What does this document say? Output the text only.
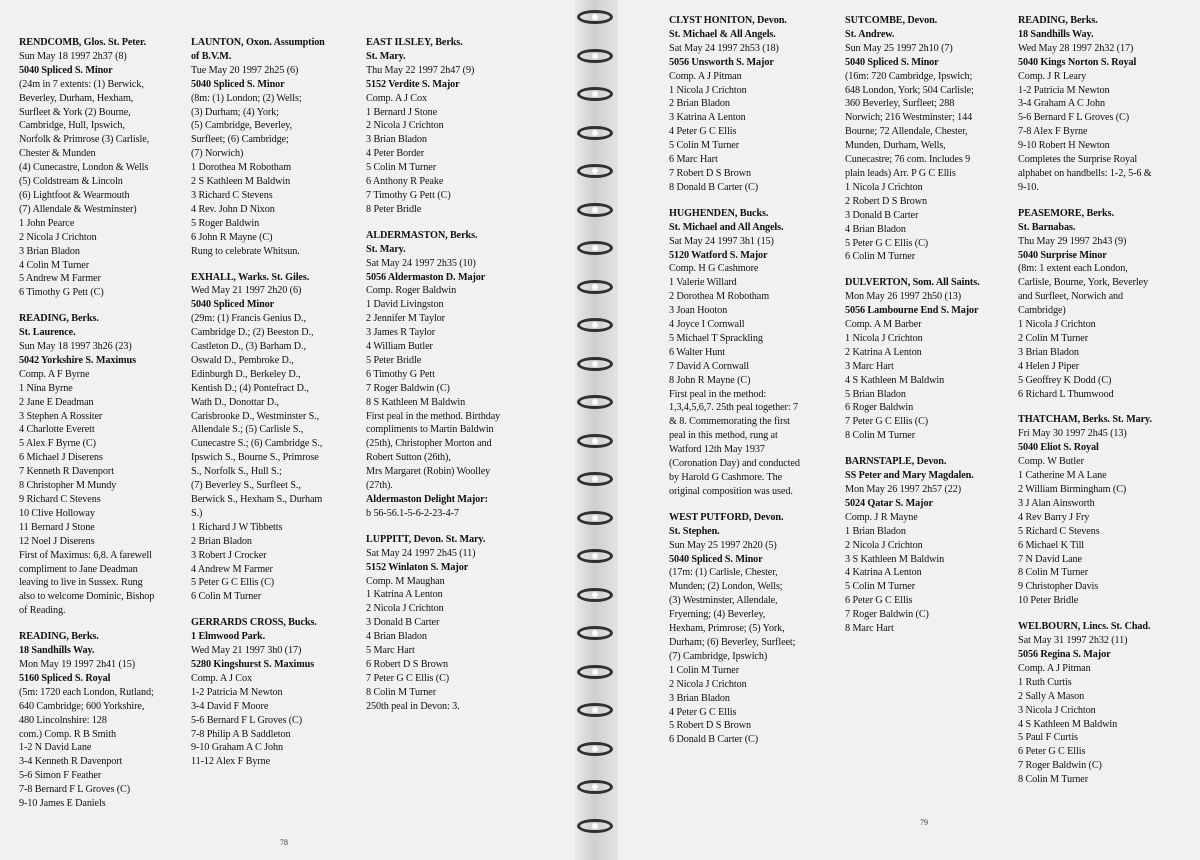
RENDCOMB, Glos. St. Peter.
Sun May 18 1997 2h37 (8)
5040 Spliced S. Minor
(24m in 7 extents: (1) Berwick,
Beverley, Durham, Hexham,
Surfleet & York (2) Bourne,
Cambridge, Hull, Ipswich,
Norfolk & Primrose (3) Carlisle,
Chester & Munden
(4) Cunecastre, London & Wells
(5) Coldstream & Lincoln
(6) Lightfoot & Wearmouth
(7) Allendale & Westminster)
1 John Pearce
2 Nicola J Crichton
3 Brian Bladon
4 Colin M Turner
5 Andrew M Farmer
6 Timothy G Pett (C)
READING, Berks.
St. Laurence.
Sun May 18 1997 3h26 (23)
5042 Yorkshire S. Maximus
Comp. A F Byrne
1 Nina Byrne
2 Jane E Deadman
3 Stephen A Rossiter
4 Charlotte Everett
5 Alex F Byrne (C)
6 Michael J Diserens
7 Kenneth R Davenport
8 Christopher M Mundy
9 Richard C Stevens
10 Clive Holloway
11 Bernard J Stone
12 Noel J Diserens
First of Maximus: 6,8. A farewell
compliment to Jane Deadman
leaving to live in Sussex. Rung
also to welcome Dominic, Bishop
of Reading.
READING, Berks.
18 Sandhills Way.
Mon May 19 1997 2h41 (15)
5160 Spliced S. Royal
(5m: 1720 each London, Rutland;
640 Cambridge; 600 Yorkshire,
480 Lincolnshire: 128
com.) Comp. R B Smith
1-2 N David Lane
3-4 Kenneth R Davenport
5-6 Simon F Feather
7-8 Bernard F L Groves (C)
9-10 James E Daniels
LAUNTON, Oxon. Assumption
of B.V.M.
Tue May 20 1997 2h25 (6)
5040 Spliced S. Minor
(8m: (1) London; (2) Wells;
(3) Durham; (4) York;
(5) Cambridge, Beverley,
Surfleet; (6) Cambridge;
(7) Norwich)
1 Dorothea M Robotham
2 S Kathleen M Baldwin
3 Richard C Stevens
4 Rev. John D Nixon
5 Roger Baldwin
6 John R Mayne (C)
Rung to celebrate Whitsun.
EXHALL, Warks. St. Giles.
Wed May 21 1997 2h20 (6)
5040 Spliced Minor
(29m: (1) Francis Genius D.,
Cambridge D.; (2) Beeston D.,
Castleton D., (3) Barham D.,
Oswald D., Pembroke D.,
Edinburgh D., Berkeley D.,
Kentish D.; (4) Pontefract D.,
Wath D., Donottar D.,
Carisbrooke D., Westminster S.,
Allendale S.; (5) Carlisle S.,
Cunecastre S.; (6) Cambridge S.,
Ipswich S., Bourne S., Primrose
S., Norfolk S., Hull S.;
(7) Beverley S., Surfleet S.,
Berwick S., Hexham S., Durham
S.)
1 Richard J W Tibbetts
2 Brian Bladon
3 Robert J Crocker
4 Andrew M Farmer
5 Peter G C Ellis (C)
6 Colin M Turner
GERRARDS CROSS, Bucks.
1 Elmwood Park.
Wed May 21 1997 3h0 (17)
5280 Kingshurst S. Maximus
Comp. A J Cox
1-2 Patricia M Newton
3-4 David F Moore
5-6 Bernard F L Groves (C)
7-8 Philip A B Saddleton
9-10 Graham A C John
11-12 Alex F Byrne
EAST ILSLEY, Berks.
St. Mary.
Thu May 22 1997 2h47 (9)
5152 Verdite S. Major
Comp. A J Cox
1 Bernard J Stone
2 Nicola J Crichton
3 Brian Bladon
4 Peter Border
5 Colin M Turner
6 Anthony R Peake
7 Timothy G Pett (C)
8 Peter Bridle
ALDERMASTON, Berks.
St. Mary.
Sat May 24 1997 2h35 (10)
5056 Aldermaston D. Major
Comp. Roger Baldwin
1 David Livingston
2 Jennifer M Taylor
3 James R Taylor
4 William Butler
5 Peter Bridle
6 Timothy G Pett
7 Roger Baldwin (C)
8 S Kathleen M Baldwin
First peal in the method. Birthday
compliments to Martin Baldwin
(25th), Christopher Morton and
Robert Sutton (26th),
Mrs Margaret (Robin) Woolley
(27th).
Aldermaston Delight Major:
b 56-56.1-5-6-2-23-4-7
LUPPITT, Devon. St. Mary.
Sat May 24 1997 2h45 (11)
5152 Winlaton S. Major
Comp. M Maughan
1 Katrina A Lenton
2 Nicola J Crichton
3 Donald B Carter
4 Brian Bladon
5 Marc Hart
6 Robert D S Brown
7 Peter G C Ellis (C)
8 Colin M Turner
250th peal in Devon: 3.
78
CLYST HONITON, Devon.
St. Michael & All Angels.
Sat May 24 1997 2h53 (18)
5056 Unsworth S. Major
Comp. A J Pitman
1 Nicola J Crichton
2 Brian Bladon
3 Katrina A Lenton
4 Peter G C Ellis
5 Colin M Turner
6 Marc Hart
7 Robert D S Brown
8 Donald B Carter (C)
HUGHENDEN, Bucks.
St. Michael and All Angels.
Sat May 24 1997 3h1 (15)
5120 Watford S. Major
Comp. H G Cashmore
1 Valerie Willard
2 Dorothea M Robotham
3 Joan Hooton
4 Joyce I Cornwall
5 Michael T Sprackling
6 Walter Hunt
7 David A Cornwall
8 John R Mayne (C)
First peal in the method:
1,3,4,5,6,7. 25th peal together: 7
& 8. Commemorating the first
peal in this method, rung at
Watford 12th May 1937
(Coronation Day) and conducted
by Harold G Cashmore. The
original composition was used.
WEST PUTFORD, Devon.
St. Stephen.
Sun May 25 1997 2h20 (5)
5040 Spliced S. Minor
(17m: (1) Carlisle, Chester,
Munden; (2) London, Wells;
(3) Westminster, Allendale,
Fryerning; (4) Beverley,
Hexham, Primrose; (5) York,
Durham; (6) Beverley, Surfleet;
(7) Cambridge, Ipswich)
1 Colin M Turner
2 Nicola J Crichton
3 Brian Bladon
4 Peter G C Ellis
5 Robert D S Brown
6 Donald B Carter (C)
SUTCOMBE, Devon.
St. Andrew.
Sun May 25 1997 2h10 (7)
5040 Spliced S. Minor
(16m: 720 Cambridge, Ipswich;
648 London, York; 504 Carlisle;
360 Beverley, Surfleet; 288
Norwich; 216 Westminster; 144
Bourne; 72 Allendale, Chester,
Munden, Durham, Wells,
Cunecastre; 76 com. Includes 9
plain leads) Arr. P G C Ellis
1 Nicola J Crichton
2 Robert D S Brown
3 Donald B Carter
4 Brian Bladon
5 Peter G C Ellis (C)
6 Colin M Turner
DULVERTON, Som. All Saints.
Mon May 26 1997 2h50 (13)
5056 Lambourne End S. Major
Comp. A M Barber
1 Nicola J Crichton
2 Katrina A Lenton
3 Marc Hart
4 S Kathleen M Baldwin
5 Brian Bladon
6 Roger Baldwin
7 Peter G C Ellis (C)
8 Colin M Turner
BARNSTAPLE, Devon.
SS Peter and Mary Magdalen.
Mon May 26 1997 2h57 (22)
5024 Qatar S. Major
Comp. J R Mayne
1 Brian Bladon
2 Nicola J Crichton
3 S Kathleen M Baldwin
4 Katrina A Lenton
5 Colin M Turner
6 Peter G C Ellis
7 Roger Baldwin (C)
8 Marc Hart
READING, Berks.
18 Sandhills Way.
Wed May 28 1997 2h32 (17)
5040 Kings Norton S. Royal
Comp. J R Leary
1-2 Patricia M Newton
3-4 Graham A C John
5-6 Bernard F L Groves (C)
7-8 Alex F Byrne
9-10 Robert H Newton
Completes the Surprise Royal
alphabet on handbells: 1-2, 5-6 &
9-10.
PEASEMORE, Berks.
St. Barnabas.
Thu May 29 1997 2h43 (9)
5040 Surprise Minor
(8m: 1 extent each London,
Carlisle, Bourne, York, Beverley
and Surfleet, Norwich and
Cambridge)
1 Nicola J Crichton
2 Colin M Turner
3 Brian Bladon
4 Helen J Piper
5 Geoffrey K Dodd (C)
6 Richard L Thumwood
THATCHAM, Berks. St. Mary.
Fri May 30 1997 2h45 (13)
5040 Eliot S. Royal
Comp. W Butler
1 Catherine M A Lane
2 William Birmingham (C)
3 J Alan Ainsworth
4 Rev Barry J Fry
5 Richard C Stevens
6 Michael K Till
7 N David Lane
8 Colin M Turner
9 Christopher Davis
10 Peter Bridle
WELBOURN, Lincs. St. Chad.
Sat May 31 1997 2h32 (11)
5056 Regina S. Major
Comp. A J Pitman
1 Ruth Curtis
2 Sally A Mason
3 Nicola J Crichton
4 S Kathleen M Baldwin
5 Paul F Curtis
6 Peter G C Ellis
7 Roger Baldwin (C)
8 Colin M Turner
79
